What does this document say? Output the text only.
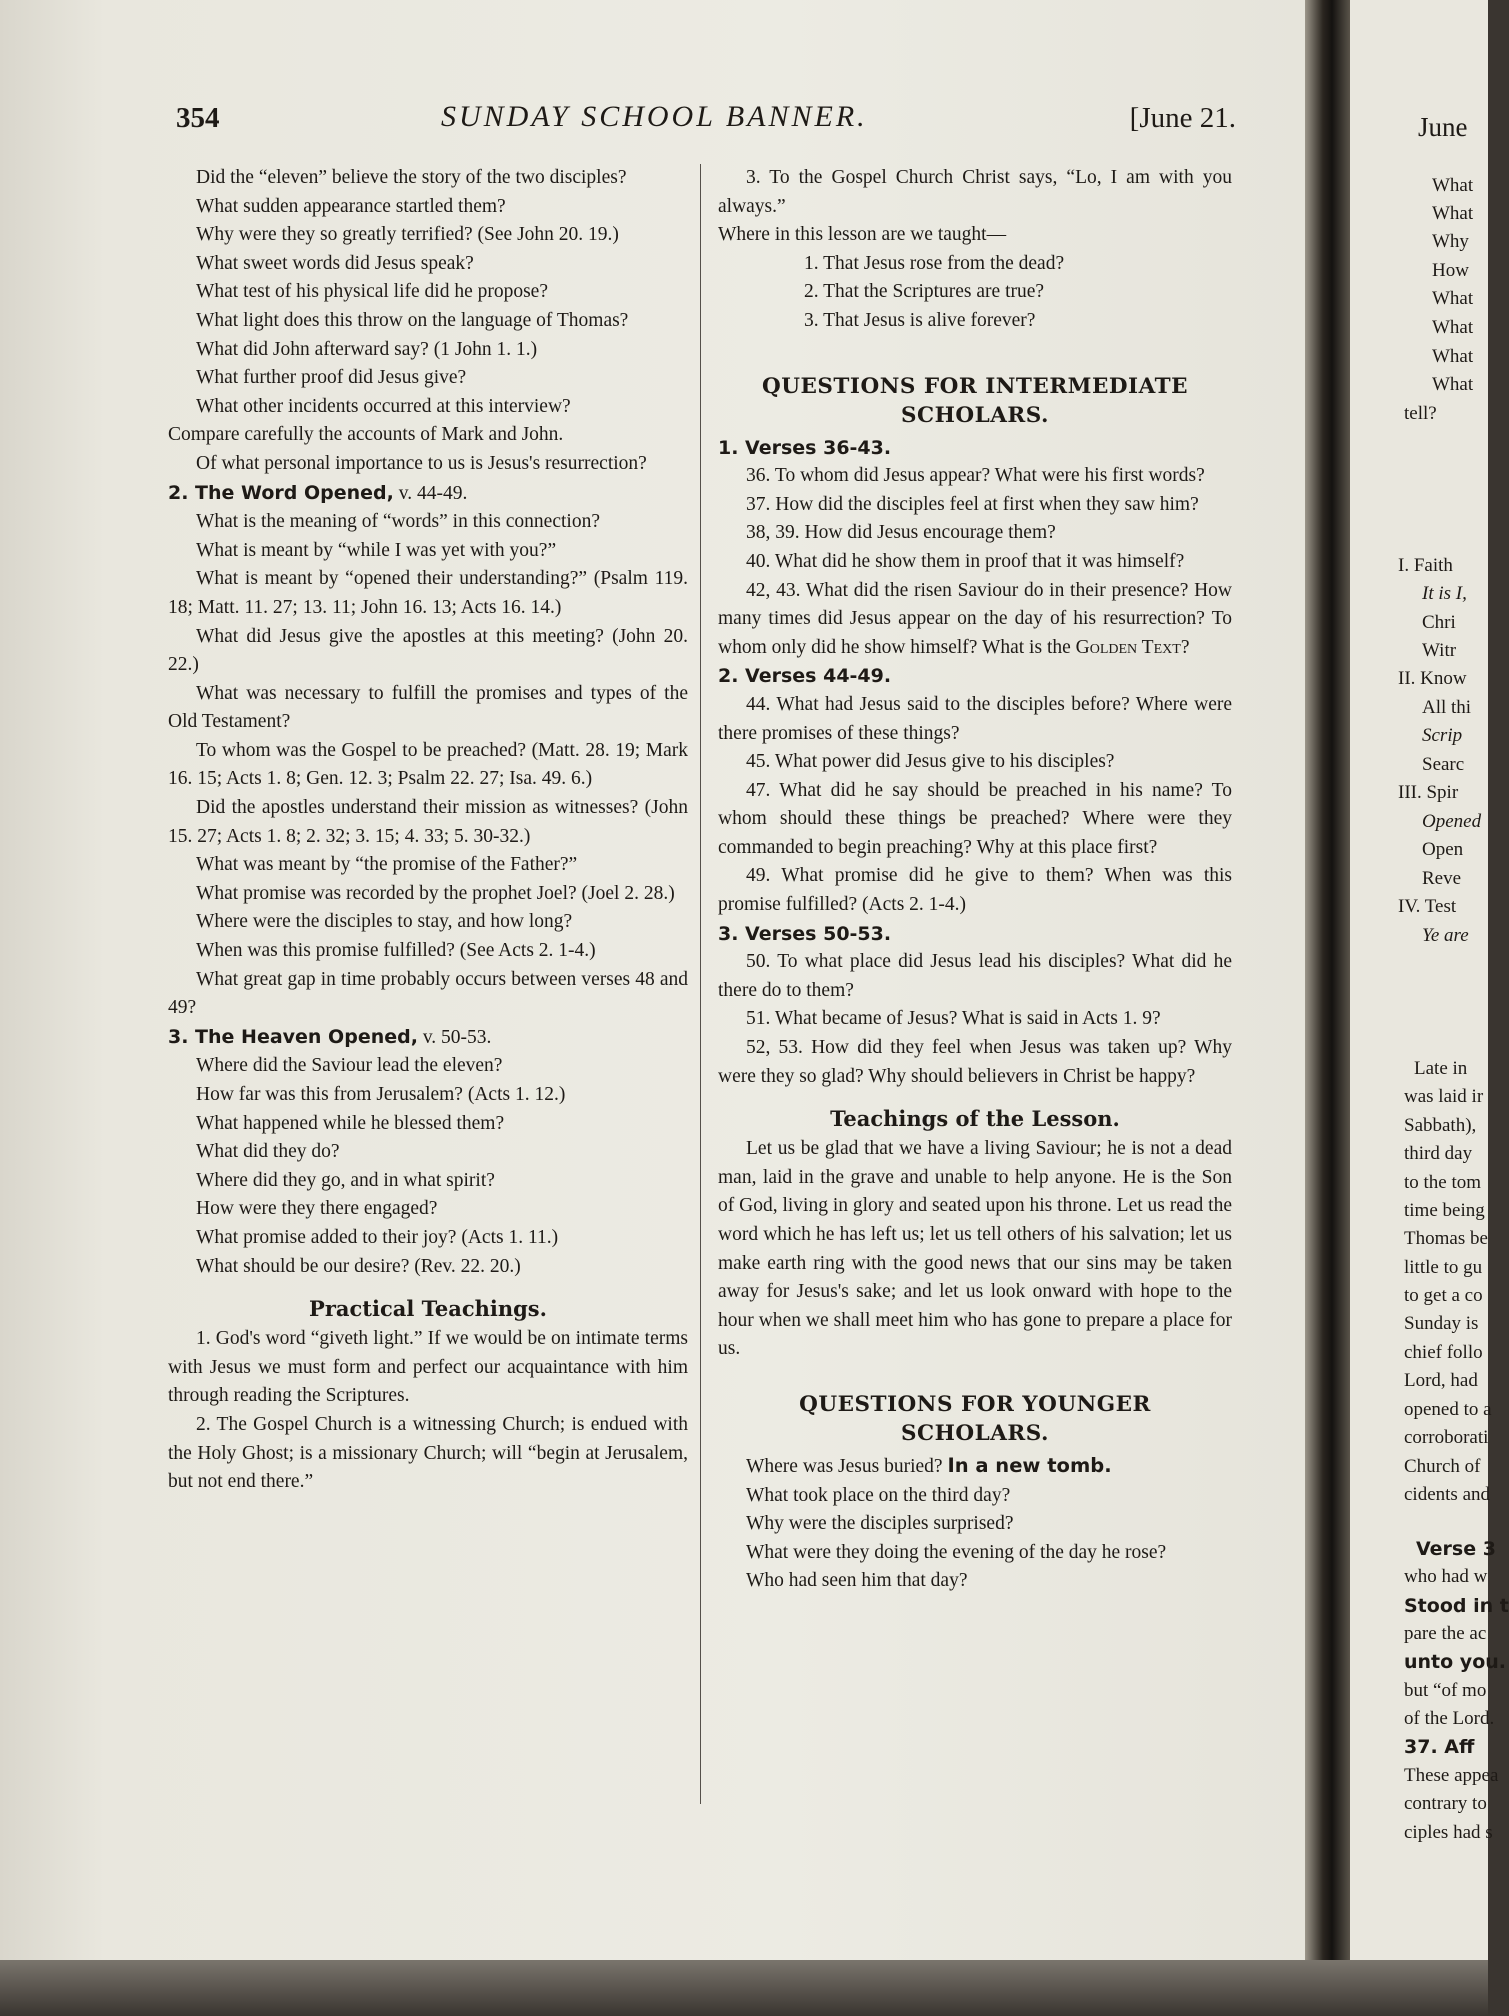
354	SUNDAY SCHOOL BANNER.	[June 21.

Did the “eleven” believe the story of the two disciples?

What sudden appearance startled them?

Why were they so greatly terrified? (See John 20. 19.)

What sweet words did Jesus speak?

What test of his physical life did he propose?

What light does this throw on the language of Thomas?

What did John afterward say? (1 John 1. 1.)

What further proof did Jesus give?

What other incidents occurred at this interview?

Compare carefully the accounts of Mark and John.

Of what personal importance to us is Jesus's resurrection?

2. The Word Opened, v. 44-49.

What is the meaning of “words” in this connection?

What is meant by “while I was yet with you?”

What is meant by “opened their understanding?” (Psalm 119. 18; Matt. 11. 27; 13. 11; John 16. 13; Acts 16. 14.)

What did Jesus give the apostles at this meeting? (John 20. 22.)

What was necessary to fulfill the promises and types of the Old Testament?

To whom was the Gospel to be preached? (Matt. 28. 19; Mark 16. 15; Acts 1. 8; Gen. 12. 3; Psalm 22. 27; Isa. 49. 6.)

Did the apostles understand their mission as witnesses? (John 15. 27; Acts 1. 8; 2. 32; 3. 15; 4. 33; 5. 30-32.)

What was meant by “the promise of the Father?”

What promise was recorded by the prophet Joel? (Joel 2. 28.)

Where were the disciples to stay, and how long?

When was this promise fulfilled? (See Acts 2. 1-4.)

What great gap in time probably occurs between verses 48 and 49?

3. The Heaven Opened, v. 50-53.

Where did the Saviour lead the eleven?

How far was this from Jerusalem? (Acts 1. 12.)

What happened while he blessed them?

What did they do?

Where did they go, and in what spirit?

How were they there engaged?

What promise added to their joy? (Acts 1. 11.)

What should be our desire? (Rev. 22. 20.)

Practical Teachings.

1. God's word “giveth light.” If we would be on intimate terms with Jesus we must form and perfect our acquaintance with him through reading the Scriptures.

2. The Gospel Church is a witnessing Church; is endued with the Holy Ghost; is a missionary Church; will “begin at Jerusalem, but not end there.”

3. To the Gospel Church Christ says, “Lo, I am with you always.”

Where in this lesson are we taught—

1. That Jesus rose from the dead?

2. That the Scriptures are true?

3. That Jesus is alive forever?

QUESTIONS FOR INTERMEDIATE
SCHOLARS.

1. Verses 36-43.

36. To whom did Jesus appear? What were his first words?

37. How did the disciples feel at first when they saw him?

38, 39. How did Jesus encourage them?

40. What did he show them in proof that it was himself?

42, 43. What did the risen Saviour do in their presence? How many times did Jesus appear on the day of his resurrection? To whom only did he show himself? What is the Golden Text?

2. Verses 44-49.

44. What had Jesus said to the disciples before? Where were there promises of these things?

45. What power did Jesus give to his disciples?

47. What did he say should be preached in his name? To whom should these things be preached? Where were they commanded to begin preaching? Why at this place first?

49. What promise did he give to them? When was this promise fulfilled? (Acts 2. 1-4.)

3. Verses 50-53.

50. To what place did Jesus lead his disciples? What did he there do to them?

51. What became of Jesus? What is said in Acts 1. 9?

52, 53. How did they feel when Jesus was taken up? Why were they so glad? Why should believers in Christ be happy?

Teachings of the Lesson.

Let us be glad that we have a living Saviour; he is not a dead man, laid in the grave and unable to help anyone. He is the Son of God, living in glory and seated upon his throne. Let us read the word which he has left us; let us tell others of his salvation; let us make earth ring with the good news that our sins may be taken away for Jesus's sake; and let us look onward with hope to the hour when we shall meet him who has gone to prepare a place for us.

QUESTIONS FOR YOUNGER
SCHOLARS.

Where was Jesus buried? In a new tomb.

What took place on the third day?

Why were the disciples surprised?

What were they doing the evening of the day he rose?

Who had seen him that day?

June
What
What
Why
How
What
What
What
What
tell?
I. Faith
It is I,
Chri
Witr
II. Know
All thi
Scrip
Searc
III. Spir
Opened
Open
Reve
IV. Test
Ye are
Late in
was laid ir
Sabbath),
third day
to the tom
time being
Thomas be
little to gu
to get a co
Sunday is
chief follo
Lord, had
opened to a
corroborati
Church of
cidents and
Verse 3
who had w
Stood in t
pare the ac
unto you.
but “of mo
of the Lord.
37. Aff
These appea
contrary to
ciples had s
